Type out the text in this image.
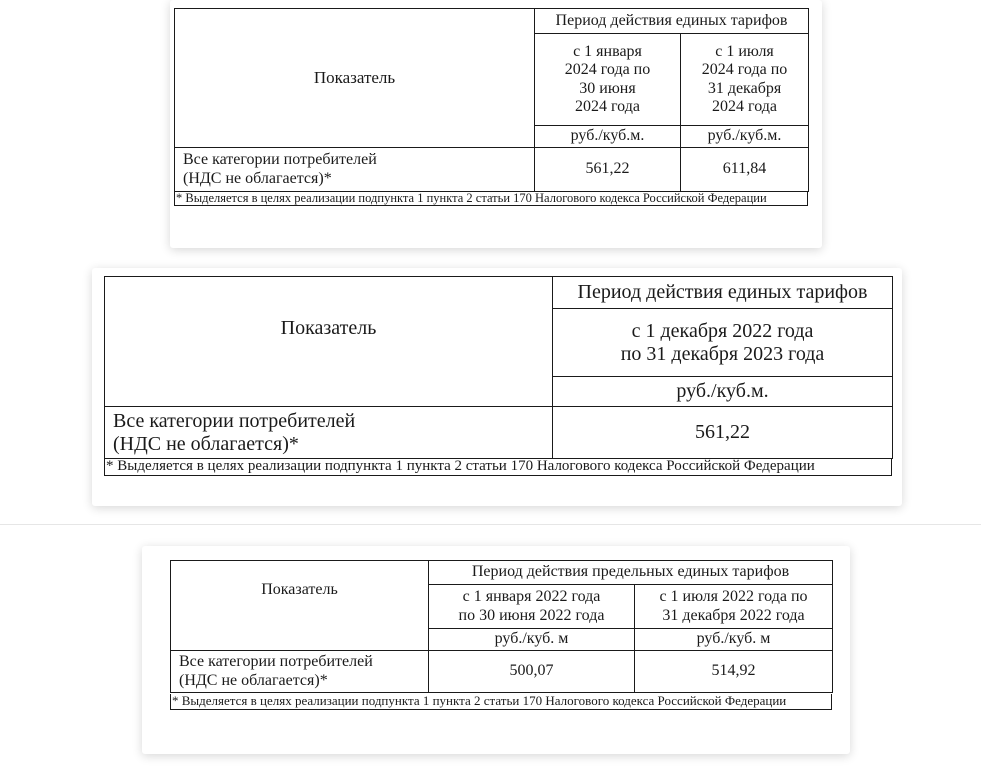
Показатель	Период действия единых тарифов	
	с 1 января
2024 года по
30 июня
2024 года	с 1 июля
2024 года по
31 декабря
2024 года
	руб./куб.м.	руб./куб.м.
Все категории потребителей
(НДС не облагается)*	561,22	611,84
* Выделяется в целях реализации подпункта 1 пункта 2 статьи 170 Налогового кодекса Российской Федерации
Показатель	Период действия единых тарифов
	с 1 декабря 2022 года
по 31 декабря 2023 года
	руб./куб.м.
Все категории потребителей
(НДС не облагается)*	561,22
* Выделяется в целях реализации подпункта 1 пункта 2 статьи 170 Налогового кодекса Российской Федерации
Показатель	Период действия предельных единых тарифов	
	с 1 января 2022 года
по 30 июня 2022 года	с 1 июля 2022 года по
31 декабря 2022 года
	руб./куб. м	руб./куб. м
Все категории потребителей
(НДС не облагается)*	500,07	514,92
* Выделяется в целях реализации подпункта 1 пункта 2 статьи 170 Налогового кодекса Российской Федерации
